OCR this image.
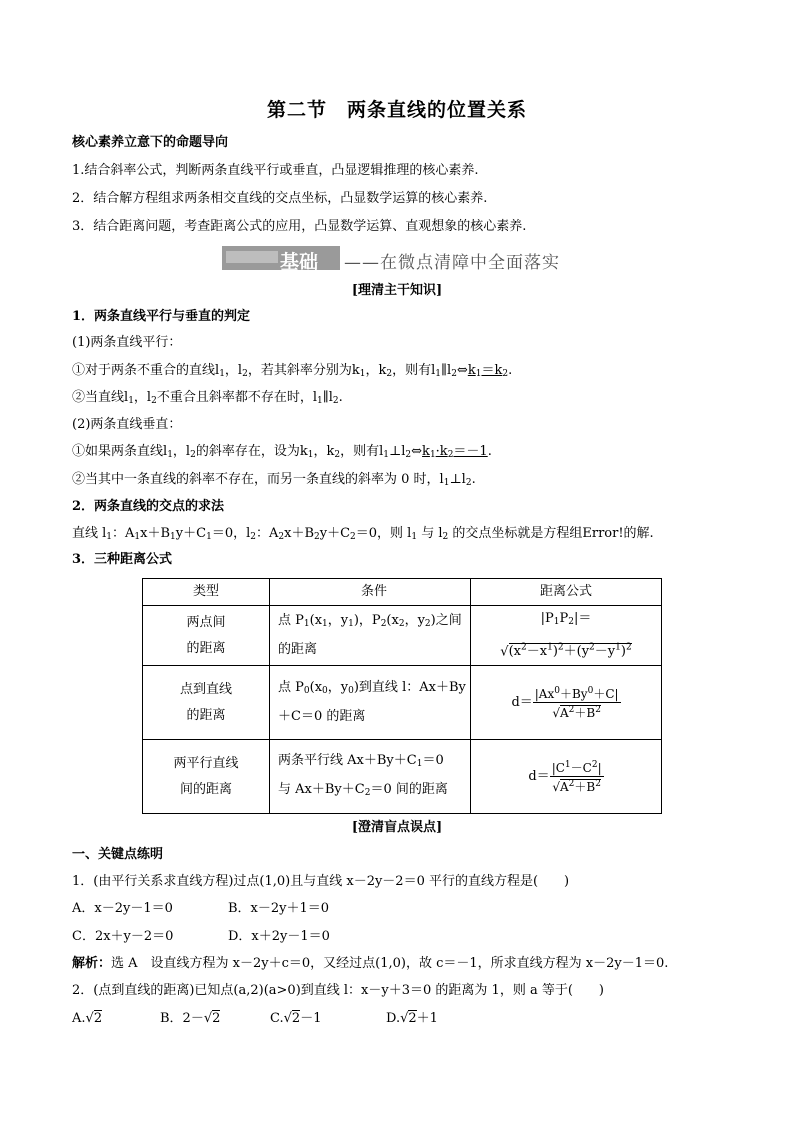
第二节　两条直线的位置关系
核心素养立意下的命题导向
1.结合斜率公式，判断两条直线平行或垂直，凸显逻辑推理的核心素养.
2．结合解方程组求两条相交直线的交点坐标，凸显数学运算的核心素养.
3．结合距离问题，考查距离公式的应用，凸显数学运算、直观想象的核心素养.
基础 ——在微点清障中全面落实
[理清主干知识]
1．两条直线平行与垂直的判定
(1)两条直线平行：
①对于两条不重合的直线$l_1$，$l_2$，若其斜率分别为$k_1$，$k_2$，则有$l_1\parallel l_2\Leftrightarrow k_1=k_2$.
②当直线$l_1$，$l_2$不重合且斜率都不存在时，$l_1\parallel l_2$.
(2)两条直线垂直：
①如果两条直线$l_1$，$l_2$的斜率存在，设为$k_1$，$k_2$，则有$l_1\perp l_2\Leftrightarrow k_1\cdot k_2=-1$.
②当其中一条直线的斜率不存在，而另一条直线的斜率为 0 时，$l_1\perp l_2$.
2．两条直线的交点的求法
直线 $l_1$：$A_1x+B_1y+C_1=0$，$l_2$：$A_2x+B_2y+C_2=0$，则 $l_1$ 与 $l_2$ 的交点坐标就是方程组Error!的解.
3．三种距离公式
类型	条件	距离公式
两点间
的距离	点 $P_1(x_1$，$y_1$)，$P_2(x_2$，$y_2$)之间
的距离	$|P_1P_2|=$
$√(x^2-x^1)^2+(y^2-y^1)^2$
点到直线
的距离	点 $P_0(x_0$，$y_0$)到直线 l：Ax＋By
＋C＝0 的距离	$d= \frac{|Ax^0+By^0+C|}{√A^2+B^2}$

两平行直线
间的距离	两条平行线 $Ax+By+C_1=0$
与 $Ax+By+C_2=0$ 间的距离	$d= \frac{|C^1-C^2|}{√A^2+B^2}$
[澄清盲点误点]
一、关键点练明
1．(由平行关系求直线方程)过点(1,0)且与直线 x－2y－2＝0 平行的直线方程是(　　)
A．x－2y－1＝0	B．x－2y＋1＝0
C．2x＋y－2＝0	D．x＋2y－1＝0
解析：选 A　设直线方程为 x－2y＋c＝0，又经过点(1,0)，故 c＝－1，所求直线方程为 x－2y－1＝0.
2．(点到直线的距离)已知点(a,2)(a>0)到直线 l：x－y＋3＝0 的距离为 1，则 a 等于(　　)
A.√2	B．2－√2	C.√2－1	D.√2＋1
